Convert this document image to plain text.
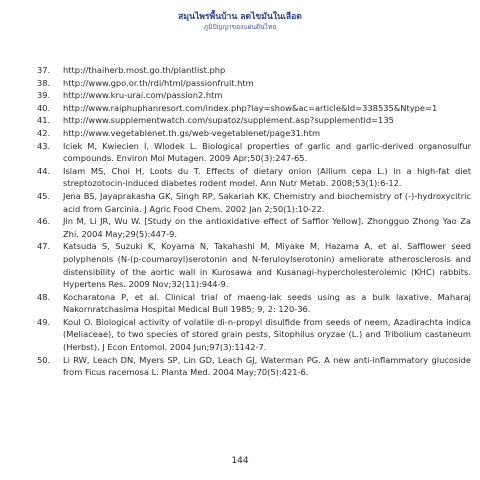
สมุนไพรพื้นบ้าน ลดไขมันในเลือด
ภูมิปัญญาของแผ่นดินไทย
37.	http://thaiherb.most.go.th/plantlist.php
38.	http://www.gpo.or.th/rdi/html/passionfruit.htm
39.	http://www.kru-urai.com/passion2.htm
40.	http://www.raiphuphanresort.com/index.php?lay=show&ac=article&Id=338535&Ntype=1
41.	http://www.supplementwatch.com/supatoz/supplement.asp?supplementid=135
42.	http://www.vegetablenet.th.gs/web-vegetablenet/page31.htm
43.	Iciek M, Kwiecien I, Wlodek L. Biological properties of garlic and garlic-derived organosulfur compounds. Environ Mol Mutagen. 2009 Apr;50(3):247-65.
44.	Islam MS, Choi H, Loots du T. Effects of dietary onion (Allium cepa L.) in a high-fat diet streptozotocin-induced diabetes rodent model. Ann Nutr Metab. 2008;53(1):6-12.
45.	Jena BS, Jayaprakasha GK, Singh RP, Sakariah KK. Chemistry and biochemistry of (-)-hydroxycitric acid from Garcinia. J Agric Food Chem. 2002 Jan 2;50(1):10-22.
46.	Jin M, Li JR, Wu W. [Study on the antioxidative effect of Safflor Yellow]. Zhongguo Zhong Yao Za Zhi. 2004 May;29(5):447-9.
47.	Katsuda S, Suzuki K, Koyama N, Takahashi M, Miyake M, Hazama A, et al. Safflower seed polyphenols (N-(p-coumaroyl)serotonin and N-feruloylserotonin) ameliorate atherosclerosis and distensibility of the aortic wall in Kurosawa and Kusanagi-hypercholesterolemic (KHC) rabbits. Hypertens Res. 2009 Nov;32(11):944-9.
48.	Kocharatona P, et al. Clinical trial of maeng-lak seeds using as a bulk laxative. Maharaj Nakornratchasima Hospital Medical Bull 1985; 9, 2: 120-36.
49.	Koul O. Biological activity of volatile di-n-propyl disulfide from seeds of neem, Azadirachta indica (Meliaceae), to two species of stored grain pests, Sitophilus oryzae (L.) and Tribolium castaneum (Herbst). J Econ Entomol. 2004 Jun;97(3):1142-7.
50.	Li RW, Leach DN, Myers SP, Lin GD, Leach GJ, Waterman PG. A new anti-inflammatory glucoside from Ficus racemosa L. Planta Med. 2004 May;70(5):421-6.
144
